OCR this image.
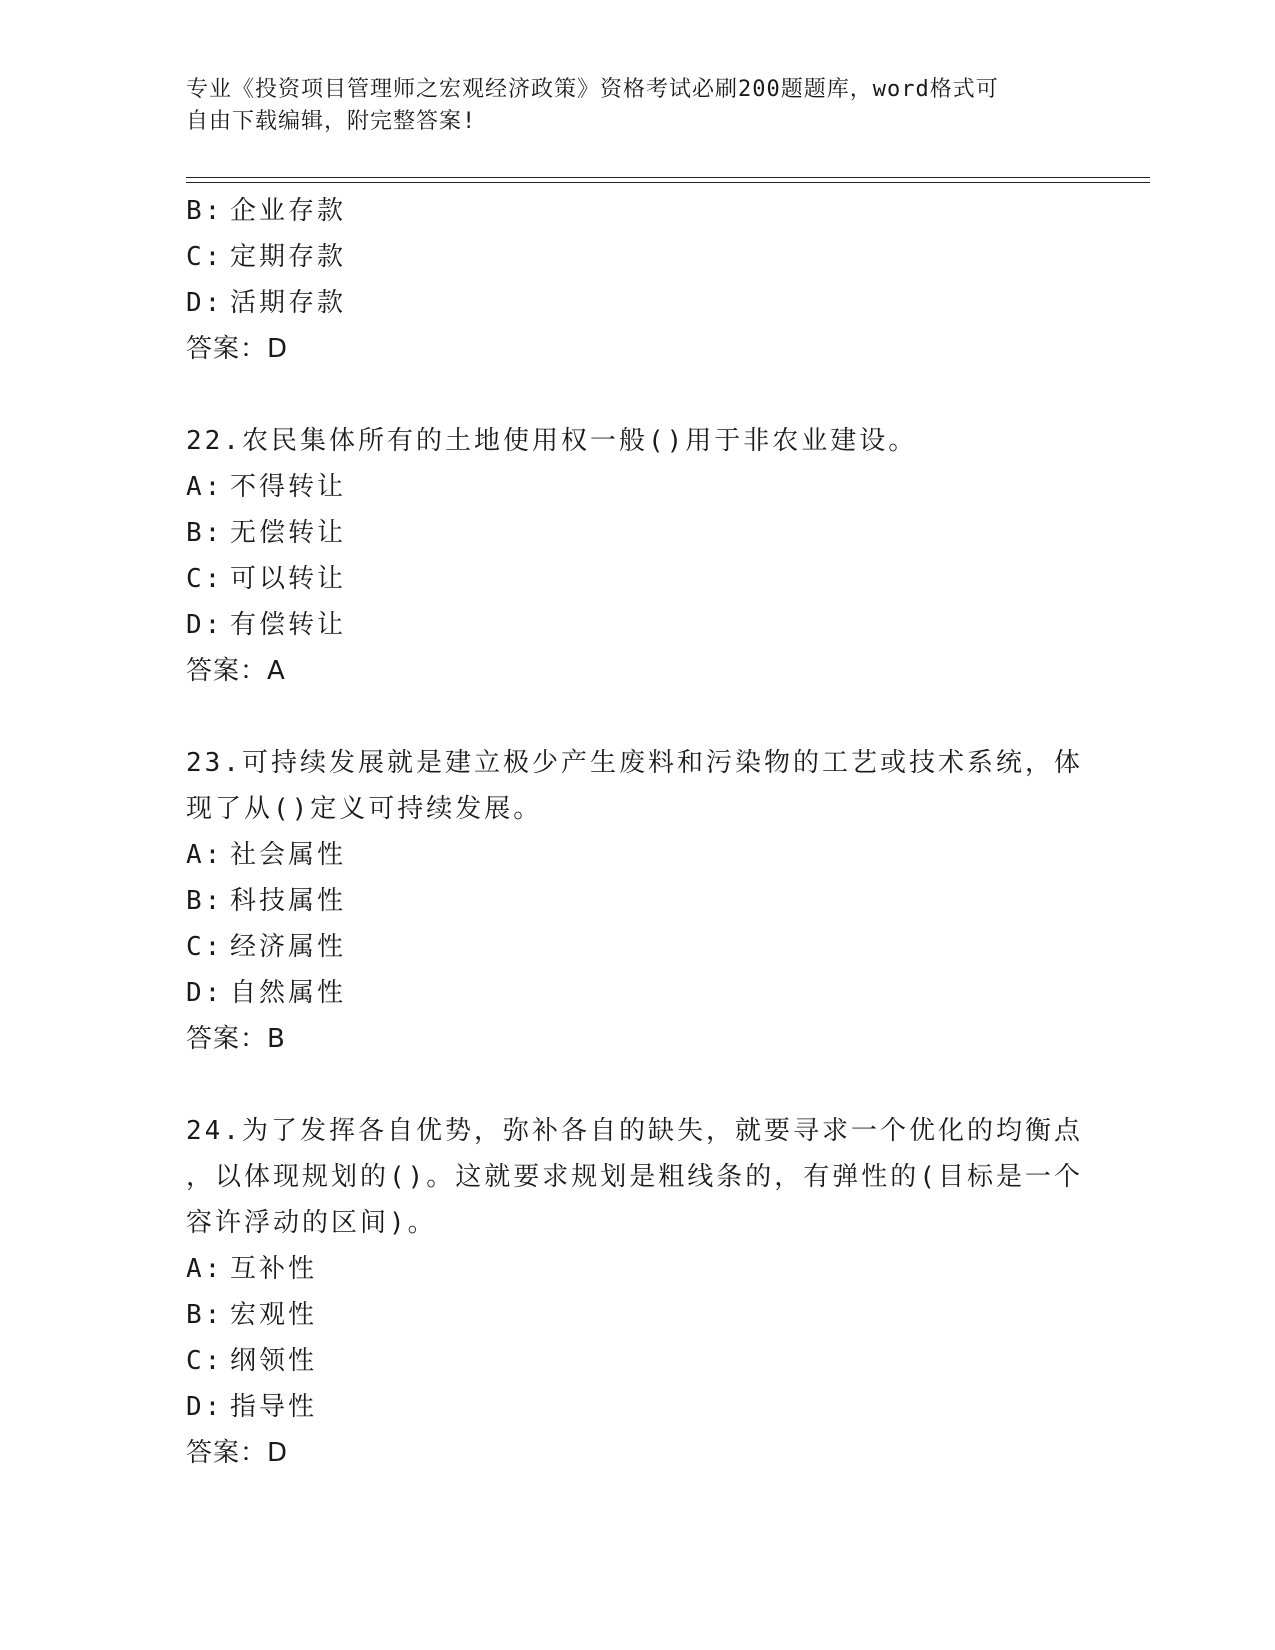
专业《投资项目管理师之宏观经济政策》资格考试必刷200题题库，word格式可
自由下载编辑，附完整答案!
B: 企业存款
C: 定期存款
D: 活期存款
答案：D
22.农民集体所有的土地使用权一般()用于非农业建设。
A: 不得转让
B: 无偿转让
C: 可以转让
D: 有偿转让
答案：A
23.可持续发展就是建立极少产生废料和污染物的工艺或技术系统，体
现了从()定义可持续发展。
A: 社会属性
B: 科技属性
C: 经济属性
D: 自然属性
答案：B
24.为了发挥各自优势，弥补各自的缺失，就要寻求一个优化的均衡点
，以体现规划的()。这就要求规划是粗线条的，有弹性的(目标是一个
容许浮动的区间)。
A: 互补性
B: 宏观性
C: 纲领性
D: 指导性
答案：D
